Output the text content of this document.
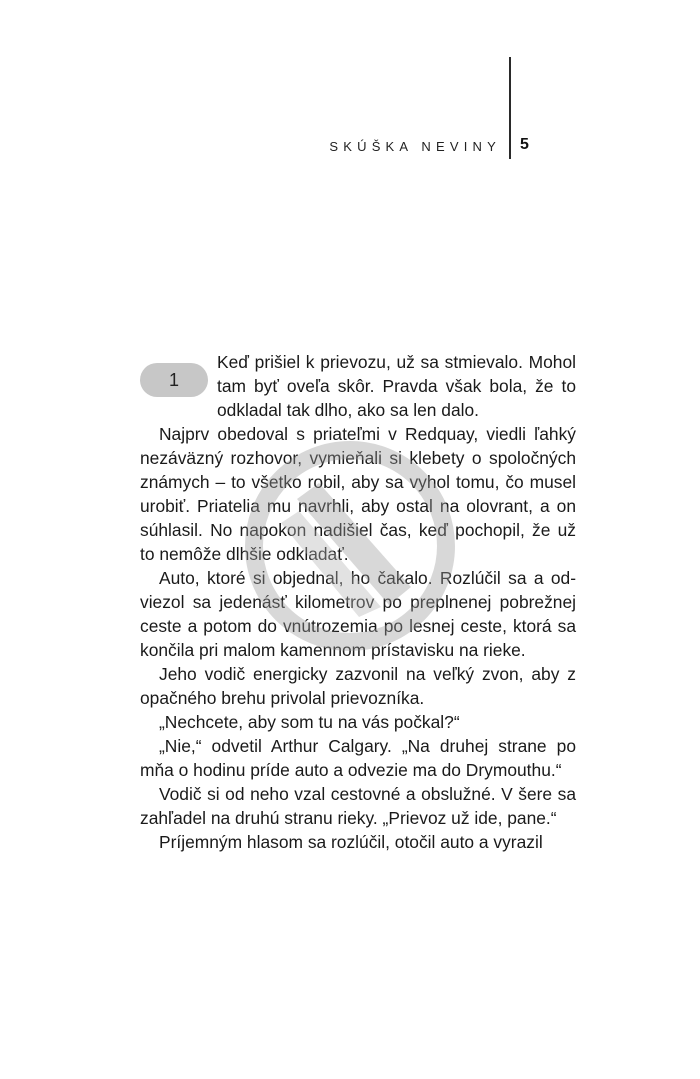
SKÚŠKA NEVINY 5

1
Keď prišiel k prievozu, už sa stmievalo. Mohol tam byť oveľa skôr. Pravda však bola, že to odkladal tak dlho, ako sa len dalo.

Najprv obedoval s priateľmi v Redquay, viedli ľahký nezáväzný rozhovor, vymieňali si klebety o spoločných známych – to všetko robil, aby sa vyhol tomu, čo musel urobiť. Priatelia mu navrhli, aby ostal na olovrant, a on súhlasil. No napokon nadišiel čas, keď pochopil, že už to nemôže dlhšie odkladať.

Auto, ktoré si objednal, ho čakalo. Rozlúčil sa a odviezol sa jedenásť kilometrov po preplnenej pobrežnej ceste a potom do vnútrozemia po lesnej ceste, ktorá sa končila pri malom kamennom prístavisku na rieke.

Jeho vodič energicky zazvonil na veľký zvon, aby z opačného brehu privolal prievozníka.

„Nechcete, aby som tu na vás počkal?“

„Nie,“ odvetil Arthur Calgary. „Na druhej strane po mňa o hodinu príde auto a odvezie ma do Drymouthu.“

Vodič si od neho vzal cestovné a obslužné. V šere sa zahľadel na druhú stranu rieky. „Prievoz už ide, pane.“

Príjemným hlasom sa rozlúčil, otočil auto a vyrazil
